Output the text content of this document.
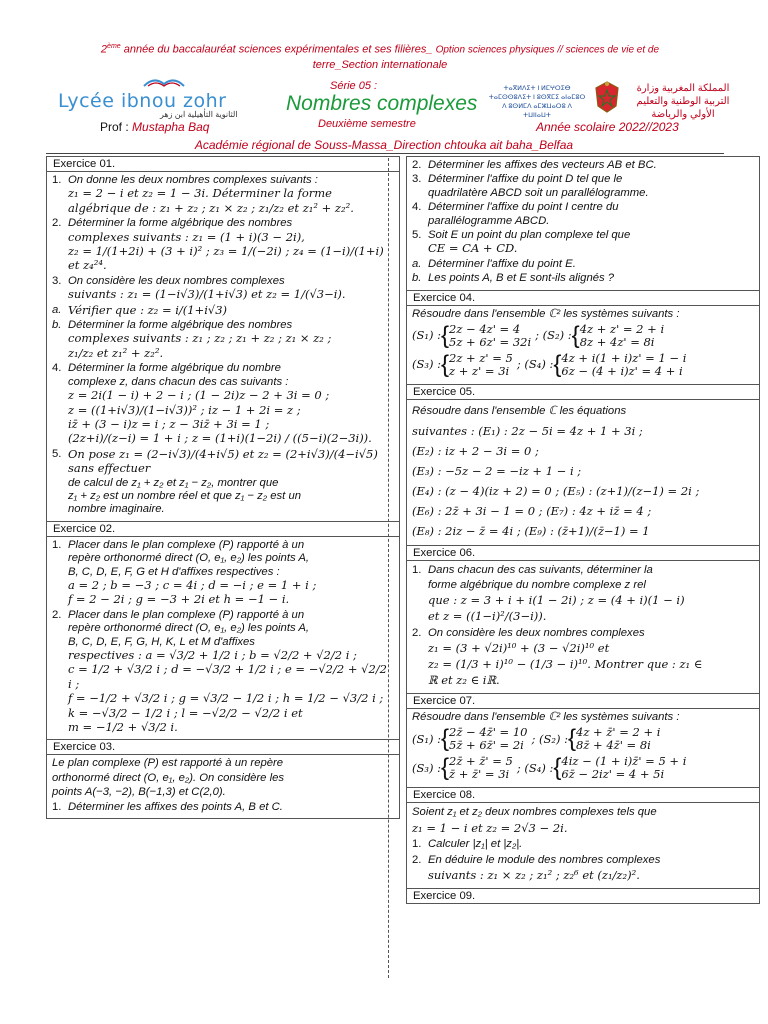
2ème année du baccalauréat sciences expérimentales et ses filières_ Option sciences physiques // sciences de vie et de
terre_Section internationale
Lycée ibnou zohr
الثانوية التأهيلية ابن زهر
Prof : Mustapha Baq
Série 05 :
Nombres complexes
Deuxième semestre
ⵜⴰⴳⵍⴷⵉⵜ ⵏ ⵍⵎⵖⵔⵉⴱ ⵜⴰⵎⵙⵙⵓⴷⵉⵜ ⵏ ⵓⵙⴳⵎⵉ ⴰⵏⴰⵎⵓⵔ ⴷ ⵓⵙⵍⵎⴷ ⴰⵎⵣⵡⴰⵔⵓ ⴷ ⵜⵡⵏⵏⴰⵡⵜ
المملكة المغربية وزارة التربية الوطنية والتعليم الأولي والرياضة
Année scolaire 2022//2023
Académie régional de Souss-Massa_Direction chtouka ait baha_Belfaa
Exercice 01.
1. On donne les deux nombres complexes suivants :
z₁ = 2 − i et z₂ = 1 − 3i. Déterminer la forme
algébrique de : z₁ + z₂ ; z₁ × z₂ ; z₁/z₂ et z₁² + z₂².
2. Déterminer la forme algébrique des nombres
complexes suivants : z₁ = (1 + i)(3 − 2i),
z₂ = 1/(1+2i) + (3 + i)² ; z₃ = 1/(−2i) ; z₄ = (1−i)/(1+i) et z₄²⁴.
3. On considère les deux nombres complexes
suivants : z₁ = (1−i√3)/(1+i√3) et z₂ = 1/(√3−i).
a. Vérifier que : z₂ = i/(1+i√3)
b. Déterminer la forme algébrique des nombres
complexes suivants : z₁ ; z₂ ; z₁ + z₂ ; z₁ × z₂ ;
z₁/z₂ et z₁² + z₂².
4. Déterminer la forme algébrique du nombre
complexe z, dans chacun des cas suivants :
z = 2i(1 − i) + 2 − i ; (1 − 2i)z − 2 + 3i = 0 ;
z = ((1+i√3)/(1−i√3))² ; iz − 1 + 2i = z ;
iz̄ + (3 − i)z = i ; z − 3iz̄ + 3i = 1 ;
(2z+i)/(z−i) = 1 + i ; z = (1+i)(1−2i) / ((5−i)(2−3i)).
5. On pose z₁ = (2−i√3)/(4+i√5) et z₂ = (2+i√3)/(4−i√5) sans effectuer
de calcul de z₁ + z₂ et z₁ − z₂, montrer que
z₁ + z₂ est un nombre réel et que z₁ − z₂ est un
nombre imaginaire.
Exercice 02.
1. Placer dans le plan complexe (P) rapporté à un
repère orthonormé direct (O, e₁, e₂) les points A,
B, C, D, E, F, G et H d'affixes respectives :
a = 2 ; b = −3 ; c = 4i ; d = −i ; e = 1 + i ;
f = 2 − 2i ; g = −3 + 2i et h = −1 − i.
2. Placer dans le plan complexe (P) rapporté à un
repère orthonormé direct (O, e₁, e₂) les points A,
B, C, D, E, F, G, H, K, L et M d'affixes
respectives : a = √3/2 + 1/2 i ; b = √2/2 + √2/2 i ;
c = 1/2 + √3/2 i ; d = −√3/2 + 1/2 i ; e = −√2/2 + √2/2 i ;
f = −1/2 + √3/2 i ; g = √3/2 − 1/2 i ; h = 1/2 − √3/2 i ;
k = −√3/2 − 1/2 i ; l = −√2/2 − √2/2 i et
m = −1/2 + √3/2 i.
Exercice 03.

Le plan complexe (P) est rapporté à un repère

orthonormé direct (O, e₁, e₂). On considère les

points A(−3, −2), B(−1,3) et C(2,0).

1. Déterminer les affixes des points A, B et C.
2. Déterminer les affixes des vecteurs AB et BC.
3. Déterminer l'affixe du point D tel que le
quadrilatère ABCD soit un parallélogramme.
4. Déterminer l'affixe du point I centre du
parallélogramme ABCD.
5. Soit E un point du plan complexe tel que
CE = CA + CD.
a. Déterminer l'affixe du point E.
b. Les points A, B et E sont-ils alignés ?
Exercice 04.

Résoudre dans l'ensemble ℂ² les systèmes suivants :

(S₁) : { 2z − 4z' = 4
5z + 6z' = 32i ; (S₂) : { 4z + z' = 2 + i
8z + 4z' = 8i
(S₃) : { 2z + z' = 5
z + z' = 3i ; (S₄) : { 4z + i(1 + i)z' = 1 − i
6z − (4 + i)z' = 4 + i
Exercice 05.

Résoudre dans l'ensemble ℂ les équations

suivantes : (E₁) : 2z − 5i = 4z + 1 + 3i ;

(E₂) : iz + 2 − 3i = 0 ;

(E₃) : −5z − 2 = −iz + 1 − i ;

(E₄) : (z − 4)(iz + 2) = 0 ; (E₅) : (z+1)/(z−1) = 2i ;

(E₆) : 2z̄ + 3i − 1 = 0 ; (E₇) : 4z + iz̄ = 4 ;

(E₈) : 2iz − z̄ = 4i ; (E₉) : (z̄+1)/(z̄−1) = 1

Exercice 06.
1. Dans chacun des cas suivants, déterminer la
forme algébrique du nombre complexe z rel
que : z = 3 + i + i(1 − 2i) ; z = (4 + i)(1 − i)
et z = ((1−i)²/(3−i)).
2. On considère les deux nombres complexes
z₁ = (3 + √2i)¹⁰ + (3 − √2i)¹⁰ et
z₂ = (1/3 + i)¹⁰ − (1/3 − i)¹⁰. Montrer que : z₁ ∈
ℝ et z₂ ∈ iℝ.
Exercice 07.

Résoudre dans l'ensemble ℂ² les systèmes suivants :

(S₁) : { 2z̄ − 4z̄' = 10
5z̄ + 6z̄' = 2i ; (S₂) : { 4z + z̄' = 2 + i
8z̄ + 4z̄' = 8i
(S₃) : { 2z̄ + z̄' = 5
z̄ + z̄' = 3i ; (S₄) : { 4iz − (1 + i)z̄' = 5 + i
6z̄ − 2iz' = 4 + 5i
Exercice 08.

Soient z₁ et z₂ deux nombres complexes tels que

z₁ = 1 − i et z₂ = 2√3 − 2i.

1. Calculer |z₁| et |z₂|.
2. En déduire le module des nombres complexes
suivants : z₁ × z₂ ; z₁² ; z₂⁶ et (z₁/z₂)².
Exercice 09.
